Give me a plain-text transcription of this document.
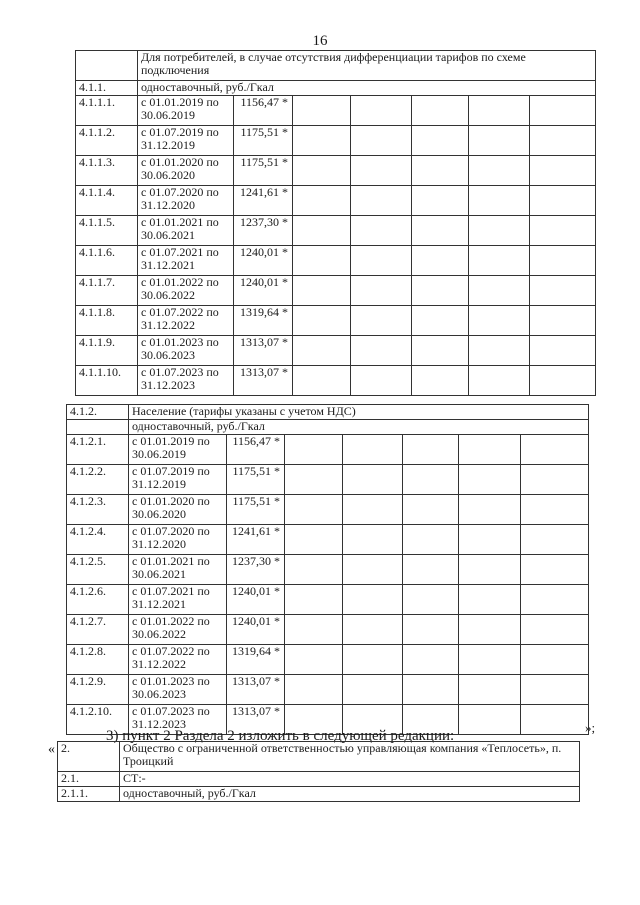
16
	Для потребителей, в случае отсутствия дифференциации тарифов по схеме подключения						
4.1.1.	одноставочный, руб./Гкал						
4.1.1.1.	с 01.01.2019 по 30.06.2019	1156,47 *					
4.1.1.2.	с 01.07.2019 по 31.12.2019	1175,51 *					
4.1.1.3.	с 01.01.2020 по 30.06.2020	1175,51 *					
4.1.1.4.	с 01.07.2020 по 31.12.2020	1241,61 *					
4.1.1.5.	с 01.01.2021 по 30.06.2021	1237,30 *					
4.1.1.6.	с 01.07.2021 по 31.12.2021	1240,01 *					
4.1.1.7.	с 01.01.2022 по 30.06.2022	1240,01 *					
4.1.1.8.	с 01.07.2022 по 31.12.2022	1319,64 *					
4.1.1.9.	с 01.01.2023 по 30.06.2023	1313,07 *					
4.1.1.10.	с 01.07.2023 по 31.12.2023	1313,07 *					
4.1.2.	Население (тарифы указаны с учетом НДС)						
	одноставочный, руб./Гкал						
4.1.2.1.	с 01.01.2019 по 30.06.2019	1156,47 *					
4.1.2.2.	с 01.07.2019 по 31.12.2019	1175,51 *					
4.1.2.3.	с 01.01.2020 по 30.06.2020	1175,51 *					
4.1.2.4.	с 01.07.2020 по 31.12.2020	1241,61 *					
4.1.2.5.	с 01.01.2021 по 30.06.2021	1237,30 *					
4.1.2.6.	с 01.07.2021 по 31.12.2021	1240,01 *					
4.1.2.7.	с 01.01.2022 по 30.06.2022	1240,01 *					
4.1.2.8.	с 01.07.2022 по 31.12.2022	1319,64 *					
4.1.2.9.	с 01.01.2023 по 30.06.2023	1313,07 *					
4.1.2.10.	с 01.07.2023 по 31.12.2023	1313,07 *					
»;
3) пункт 2 Раздела 2 изложить в следующей редакции:
« 2.	Общество с ограниченной ответственностью управляющая компания «Теплосеть», п. Троицкий
2.1.	СТ:-
2.1.1.	одноставочный, руб./Гкал
